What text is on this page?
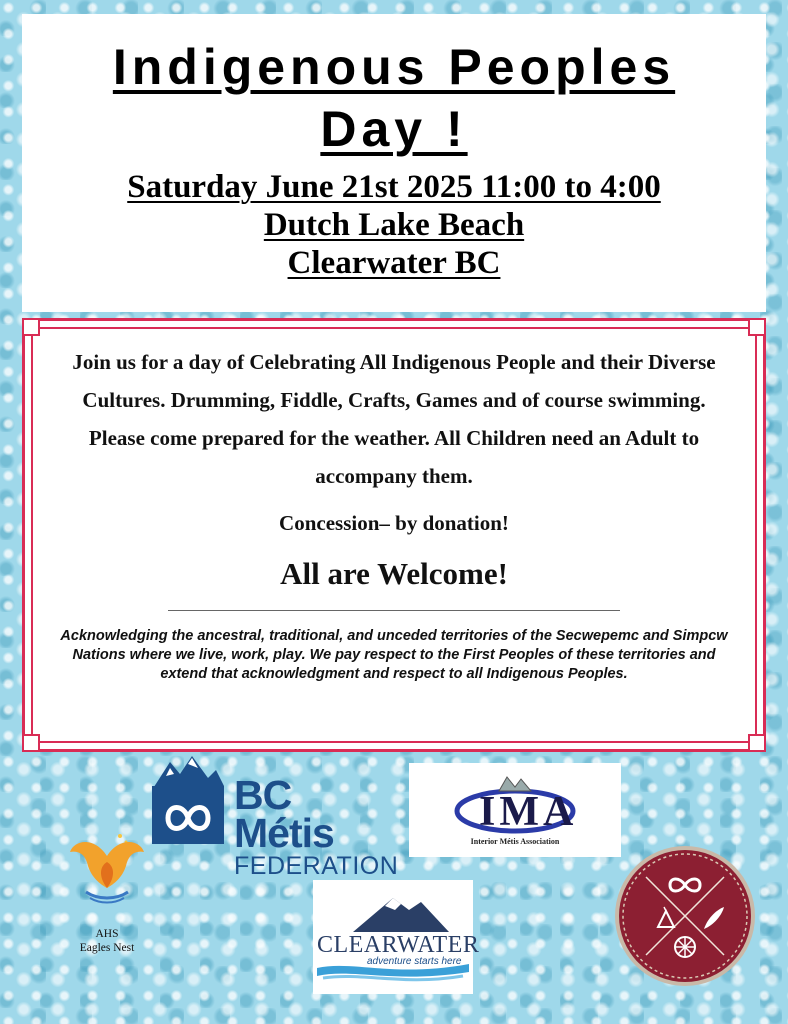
Indigenous Peoples
Day !
Saturday June 21st 2025 11:00 to 4:00
Dutch Lake Beach
Clearwater BC

Join us for a day of Celebrating All Indigenous People and their Diverse Cultures. Drumming, Fiddle, Crafts, Games and of course swimming. Please come prepared for the weather. All Children need an Adult to accompany them.

Concession– by donation!
All are Welcome!

Acknowledging the ancestral, traditional, and unceded territories of the Secwepemc and Simpcw Nations where we live, work, play. We pay respect to the First Peoples of these territories and extend that acknowledgment and respect to all Indigenous Peoples.

BC Métis
FEDERATION
IMA
Interior Métis Association
AHS
Eagles Nest	CLEARWATER
adventure starts here
